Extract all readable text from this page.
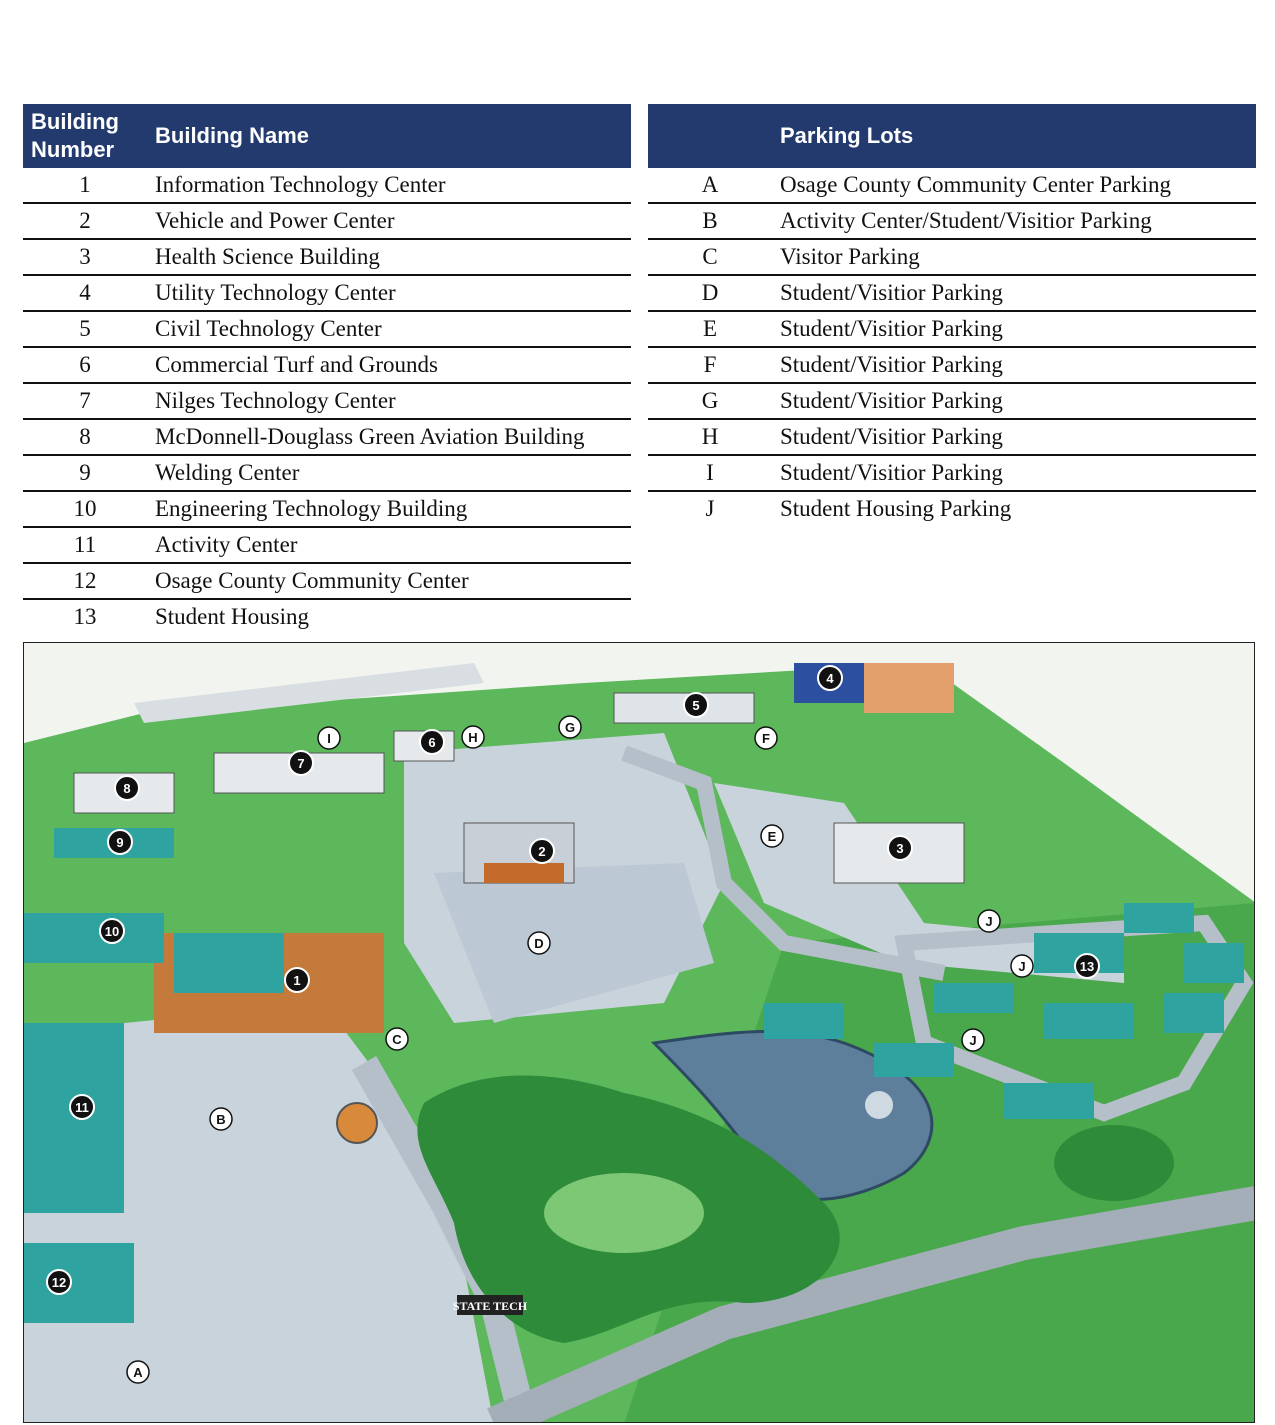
Building Number	Building Name
1	Information Technology Center
2	Vehicle and Power Center
3	Health Science Building
4	Utility Technology Center
5	Civil Technology Center
6	Commercial Turf and Grounds
7	Nilges Technology Center
8	McDonnell-Douglass Green Aviation Building
9	Welding Center
10	Engineering Technology Building
11	Activity Center
12	Osage County Community Center
13	Student Housing
	Parking Lots
A	Osage County Community Center Parking
B	Activity Center/Student/Visitior Parking
C	Visitor Parking
D	Student/Visitior Parking
E	Student/Visitior Parking
F	Student/Visitior Parking
G	Student/Visitior Parking
H	Student/Visitior Parking
I	Student/Visitior Parking
J	Student Housing Parking
STATE TECH
1
2	3
4
5
6
7
8
9
10
11
12
13
A
B
C
D
E
F
G
H
I
J
J
J
